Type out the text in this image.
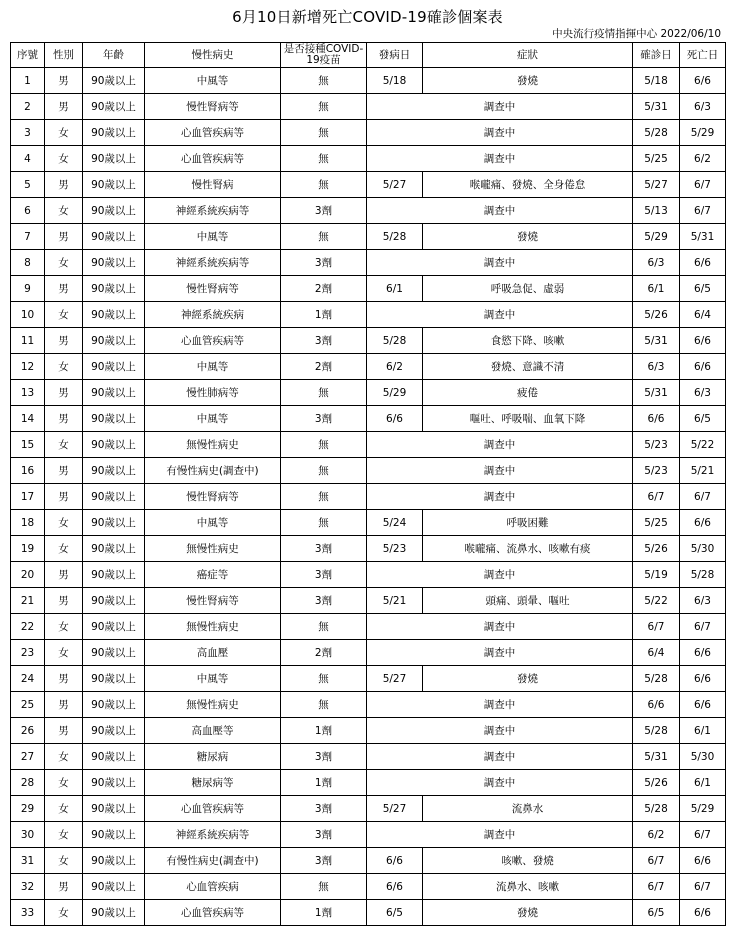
6月10日新增死亡COVID-19確診個案表
中央流行疫情指揮中心 2022/06/10
序號	性別	年齡	慢性病史	是否接種COVID-19疫苗	發病日	症狀	確診日	死亡日
1	男	90歲以上	中風等	無	5/18	發燒	5/18	6/6
2	男	90歲以上	慢性腎病等	無	調查中		5/31	6/3
3	女	90歲以上	心血管疾病等	無	調查中		5/28	5/29
4	女	90歲以上	心血管疾病等	無	調查中		5/25	6/2
5	男	90歲以上	慢性腎病	無	5/27	喉嚨痛、發燒、全身倦怠	5/27	6/7
6	女	90歲以上	神經系統疾病等	3劑	調查中		5/13	6/7
7	男	90歲以上	中風等	無	5/28	發燒	5/29	5/31
8	女	90歲以上	神經系統疾病等	3劑	調查中		6/3	6/6
9	男	90歲以上	慢性腎病等	2劑	6/1	呼吸急促、虛弱	6/1	6/5
10	女	90歲以上	神經系統疾病	1劑	調查中		5/26	6/4
11	男	90歲以上	心血管疾病等	3劑	5/28	食慾下降、咳嗽	5/31	6/6
12	女	90歲以上	中風等	2劑	6/2	發燒、意識不清	6/3	6/6
13	男	90歲以上	慢性肺病等	無	5/29	疲倦	5/31	6/3
14	男	90歲以上	中風等	3劑	6/6	嘔吐、呼吸喘、血氧下降	6/6	6/5
15	女	90歲以上	無慢性病史	無	調查中		5/23	5/22
16	男	90歲以上	有慢性病史(調查中)	無	調查中		5/23	5/21
17	男	90歲以上	慢性腎病等	無	調查中		6/7	6/7
18	女	90歲以上	中風等	無	5/24	呼吸困難	5/25	6/6
19	女	90歲以上	無慢性病史	3劑	5/23	喉嚨痛、流鼻水、咳嗽有痰	5/26	5/30
20	男	90歲以上	癌症等	3劑	調查中		5/19	5/28
21	男	90歲以上	慢性腎病等	3劑	5/21	頭痛、頭暈、嘔吐	5/22	6/3
22	女	90歲以上	無慢性病史	無	調查中		6/7	6/7
23	女	90歲以上	高血壓	2劑	調查中		6/4	6/6
24	男	90歲以上	中風等	無	5/27	發燒	5/28	6/6
25	男	90歲以上	無慢性病史	無	調查中		6/6	6/6
26	男	90歲以上	高血壓等	1劑	調查中		5/28	6/1
27	女	90歲以上	糖尿病	3劑	調查中		5/31	5/30
28	女	90歲以上	糖尿病等	1劑	調查中		5/26	6/1
29	女	90歲以上	心血管疾病等	3劑	5/27	流鼻水	5/28	5/29
30	女	90歲以上	神經系統疾病等	3劑	調查中		6/2	6/7
31	女	90歲以上	有慢性病史(調查中)	3劑	6/6	咳嗽、發燒	6/7	6/6
32	男	90歲以上	心血管疾病	無	6/6	流鼻水、咳嗽	6/7	6/7
33	女	90歲以上	心血管疾病等	1劑	6/5	發燒	6/5	6/6
